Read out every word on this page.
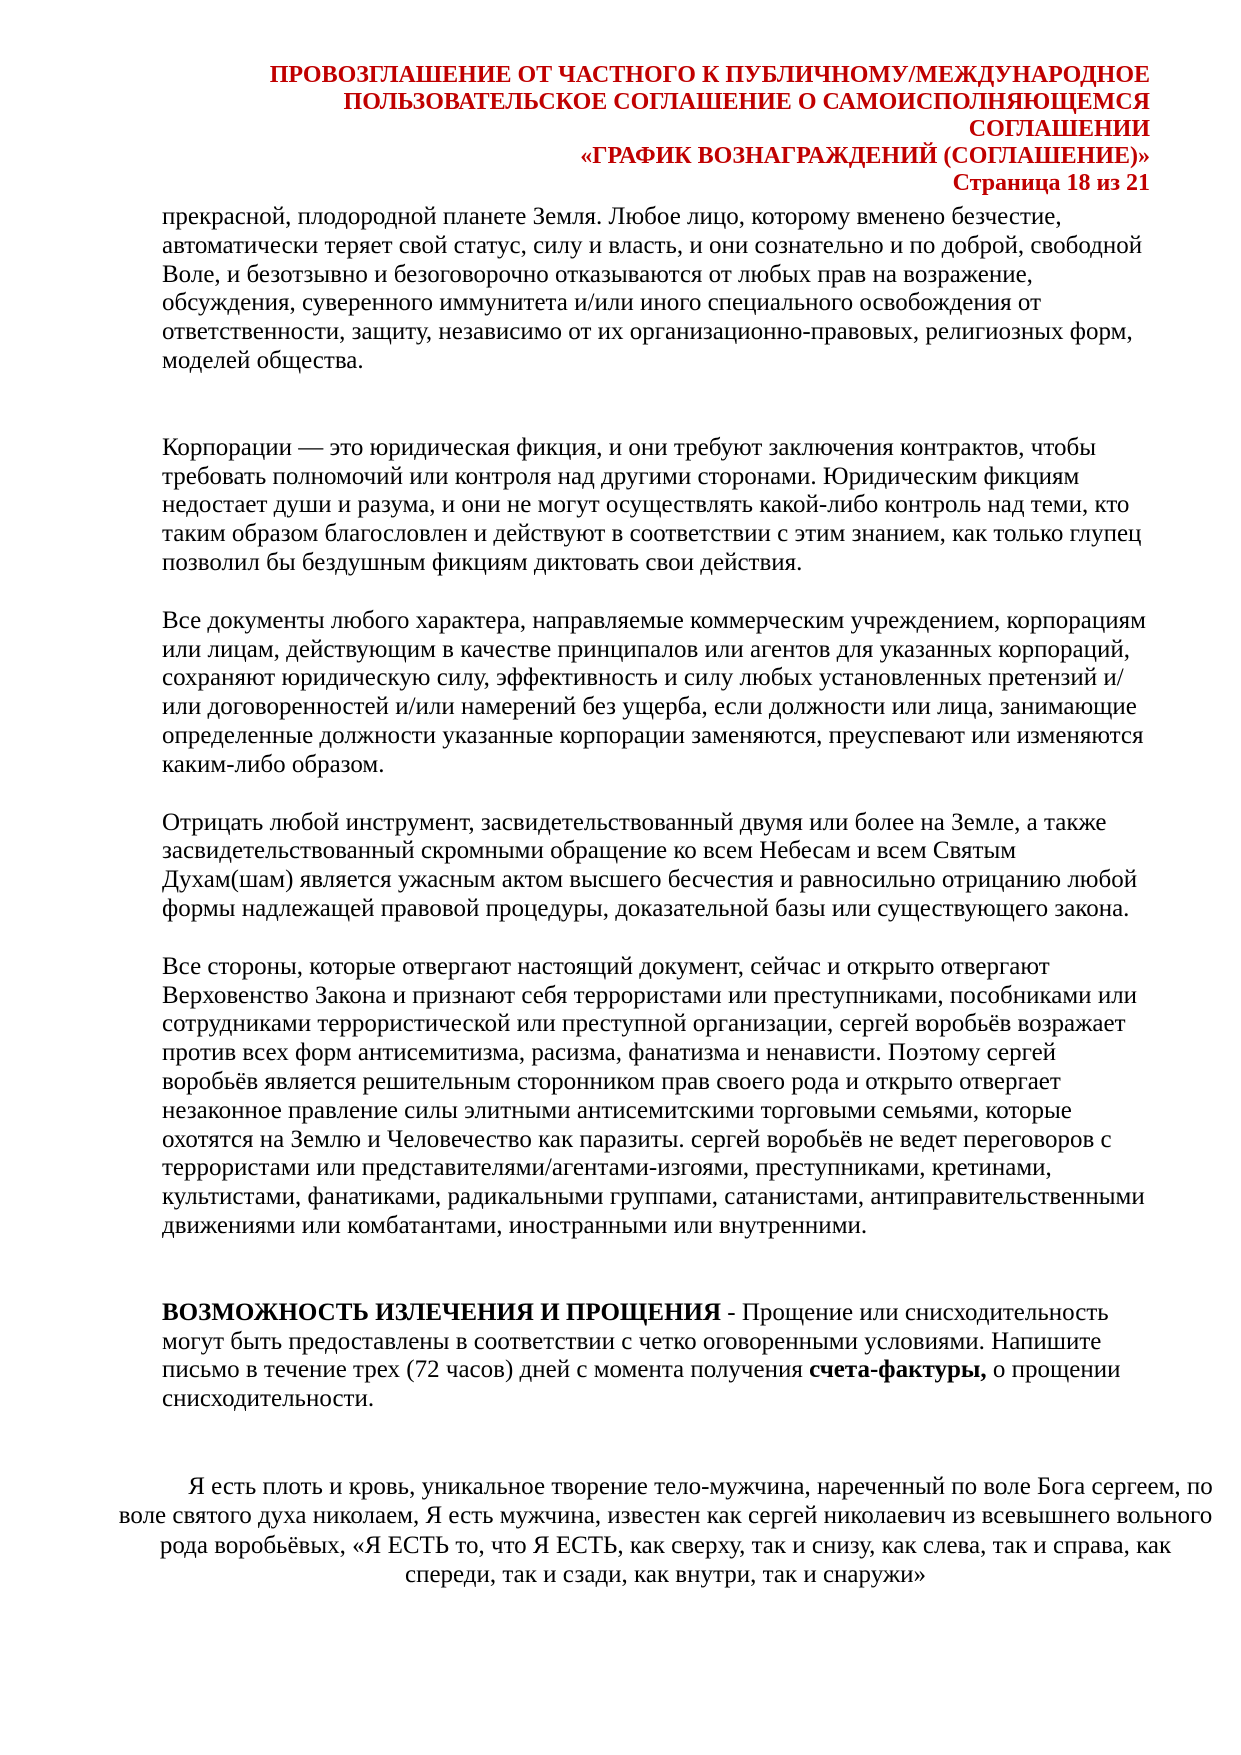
ПРОВОЗГЛАШЕНИЕ ОТ ЧАСТНОГО К ПУБЛИЧНОМУ/МЕЖДУНАРОДНОЕ
ПОЛЬЗОВАТЕЛЬСКОЕ СОГЛАШЕНИЕ О САМОИСПОЛНЯЮЩЕМСЯ СОГЛАШЕНИИ
«ГРАФИК ВОЗНАГРАЖДЕНИЙ (СОГЛАШЕНИЕ)»
Страница 18 из 21

прекрасной, плодородной планете Земля. Любое лицо, которому вменено безчестие, автоматически теряет свой статус, силу и власть, и они сознательно и по доброй, свободной Воле, и безотзывно и безоговорочно отказываются от любых прав на возражение, обсуждения, суверенного иммунитета и/или иного специального освобождения от ответственности, защиту, независимо от их организационно-правовых, религиозных форм, моделей общества.

Корпорации — это юридическая фикция, и они требуют заключения контрактов, чтобы требовать полномочий или контроля над другими сторонами. Юридическим фикциям недостает души и разума, и они не могут осуществлять какой-либо контроль над теми, кто таким образом благословлен и действуют в соответствии с этим знанием, как только глупец позволил бы бездушным фикциям диктовать свои действия.

Все документы любого характера, направляемые коммерческим учреждением, корпорациям или лицам, действующим в качестве принципалов или агентов для указанных корпораций, сохраняют юридическую силу, эффективность и силу любых установленных претензий и/или договоренностей и/или намерений без ущерба, если должности или лица, занимающие определенные должности указанные корпорации заменяются, преуспевают или изменяются каким-либо образом.

Отрицать любой инструмент, засвидетельствованный двумя или более на Земле, а также засвидетельствованный скромными обращение ко всем Небесам и всем Святым Духам(шам) является ужасным актом высшего бесчестия и равносильно отрицанию любой формы надлежащей правовой процедуры, доказательной базы или существующего закона.

Все стороны, которые отвергают настоящий документ, сейчас и открыто отвергают Верховенство Закона и признают себя террористами или преступниками, пособниками или сотрудниками террористической или преступной организации, сергей воробьёв возражает против всех форм антисемитизма, расизма, фанатизма и ненависти. Поэтому сергей воробьёв является решительным сторонником прав своего рода и открыто отвергает незаконное правление силы элитными антисемитскими торговыми семьями, которые охотятся на Землю и Человечество как паразиты. сергей воробьёв не ведет переговоров с террористами или представителями/агентами-изгоями, преступниками, кретинами, культистами, фанатиками, радикальными группами, сатанистами, антиправительственными движениями или комбатантами, иностранными или внутренними.

ВОЗМОЖНОСТЬ ИЗЛЕЧЕНИЯ И ПРОЩЕНИЯ - Прощение или снисходительность могут быть предоставлены в соответствии с четко оговоренными условиями. Напишите письмо в течение трех (72 часов) дней с момента получения счета-фактуры, о прощении снисходительности.

Я есть плоть и кровь, уникальное творение тело-мужчина, нареченный по воле Бога сергеем, по воле святого духа николаем, Я есть мужчина, известен как сергей николаевич из всевышнего вольного рода воробьёвых, «Я ЕСТЬ то, что Я ЕСТЬ, как сверху, так и снизу, как слева, так и справа, как спереди, так и сзади, как внутри, так и снаружи»
